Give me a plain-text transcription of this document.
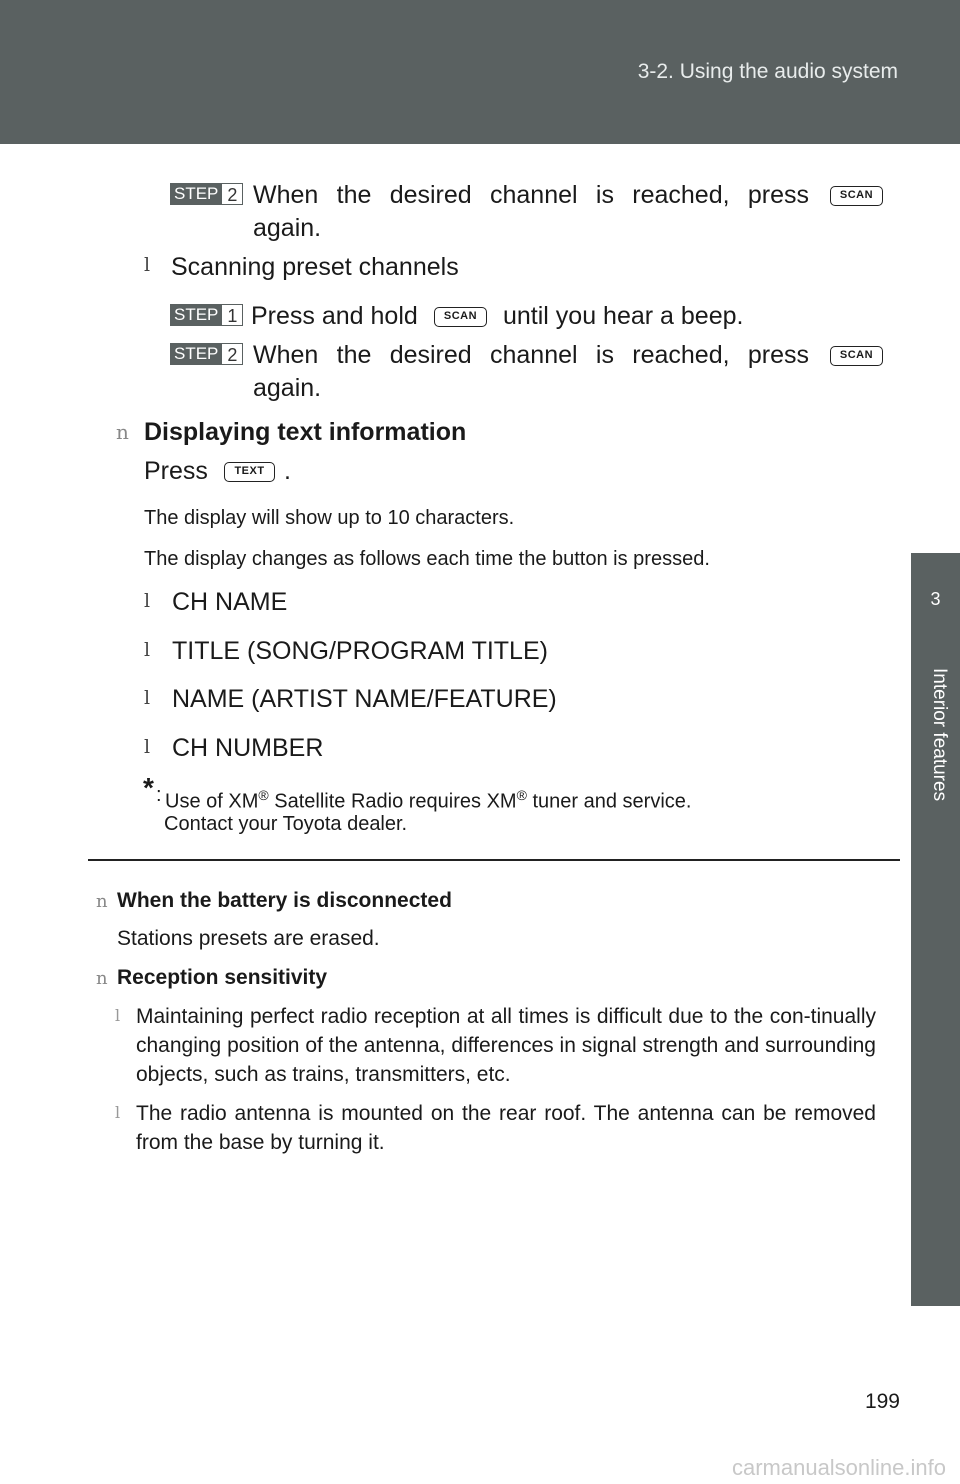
3-2. Using the audio system
3
Interior features
STEP 2 When the desired channel is reached, press	SCAN
again.
l Scanning preset channels
STEP 1 Press and hold	SCAN	until you hear a beep.
STEP 2 When the desired channel is reached, press	SCAN
again.
n Displaying text information
Press	TEXT .
The display will show up to 10 characters.
The display changes as follows each time the button is pressed.
l CH NAME
l TITLE (SONG/PROGRAM TITLE)
l NAME (ARTIST NAME/FEATURE)
l CH NUMBER
* : Use of XM® Satellite Radio requires XM® tuner and service.
Contact your Toyota dealer.
n When the battery is disconnected
Stations presets are erased.
n Reception sensitivity
l Maintaining perfect radio reception at all times is difficult due to the con-tinually changing position of the antenna, differences in signal strength and surrounding objects, such as trains, transmitters, etc.
l The radio antenna is mounted on the rear roof. The antenna can be removed from the base by turning it.
199
carmanualsonline.info
